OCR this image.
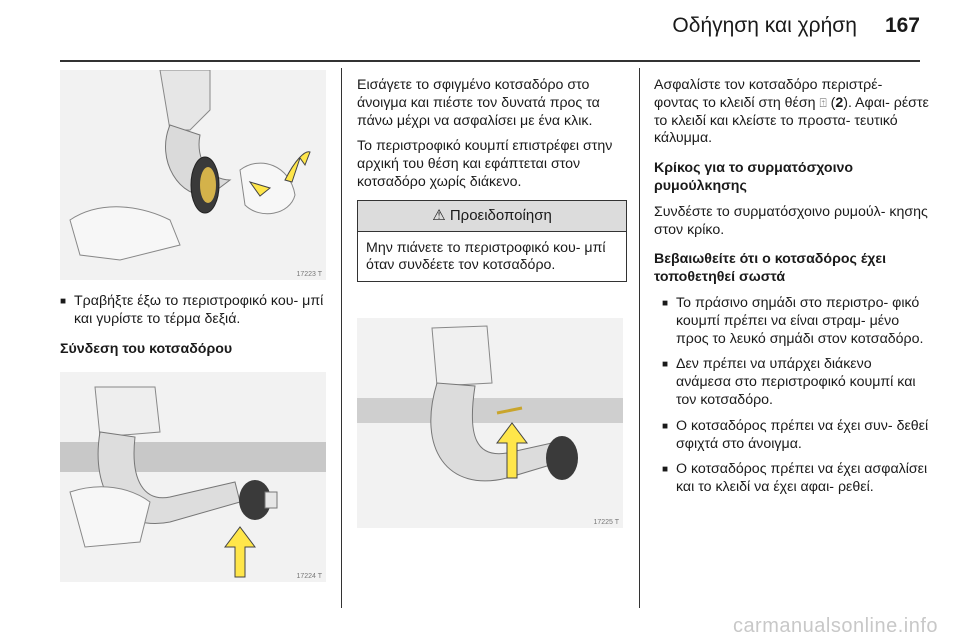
Οδήγηση και χρήση 167
17223 T
■ Τραβήξτε έξω το περιστροφικό κου- μπί και γυρίστε το τέρμα δεξιά.

Σύνδεση του κοτσαδόρου

17224 T

Εισάγετε το σφιγμένο κοτσαδόρο στο άνοιγμα και πιέστε τον δυνατά προς τα πάνω μέχρι να ασφαλίσει με ένα κλικ.

Το περιστροφικό κουμπί επιστρέφει στην αρχική του θέση και εφάπτεται στον κοτσαδόρο χωρίς διάκενο.

⚠ Προειδοποίηση
Μην πιάνετε το περιστροφικό κου- μπί όταν συνδέετε τον κοτσαδόρο.
17225 T

Ασφαλίστε τον κοτσαδόρο περιστρέ- φοντας το κλειδί στη θέση ⍐ (2). Αφαι- ρέστε το κλειδί και κλείστε το προστα- τευτικό κάλυμμα.

Κρίκος για το συρματόσχοινο ρυμούλκησης

Συνδέστε το συρματόσχοινο ρυμούλ- κησης στον κρίκο.

Βεβαιωθείτε ότι ο κοτσαδόρος έχει τοποθετηθεί σωστά

■ Το πράσινο σημάδι στο περιστρο- φικό κουμπί πρέπει να είναι στραμ- μένο προς το λευκό σημάδι στον κοτσαδόρο.
■ Δεν πρέπει να υπάρχει διάκενο ανάμεσα στο περιστροφικό κουμπί και τον κοτσαδόρο.
■ Ο κοτσαδόρος πρέπει να έχει συν- δεθεί σφιχτά στο άνοιγμα.
■ Ο κοτσαδόρος πρέπει να έχει ασφαλίσει και το κλειδί να έχει αφαι- ρεθεί.
carmanualsonline.info
